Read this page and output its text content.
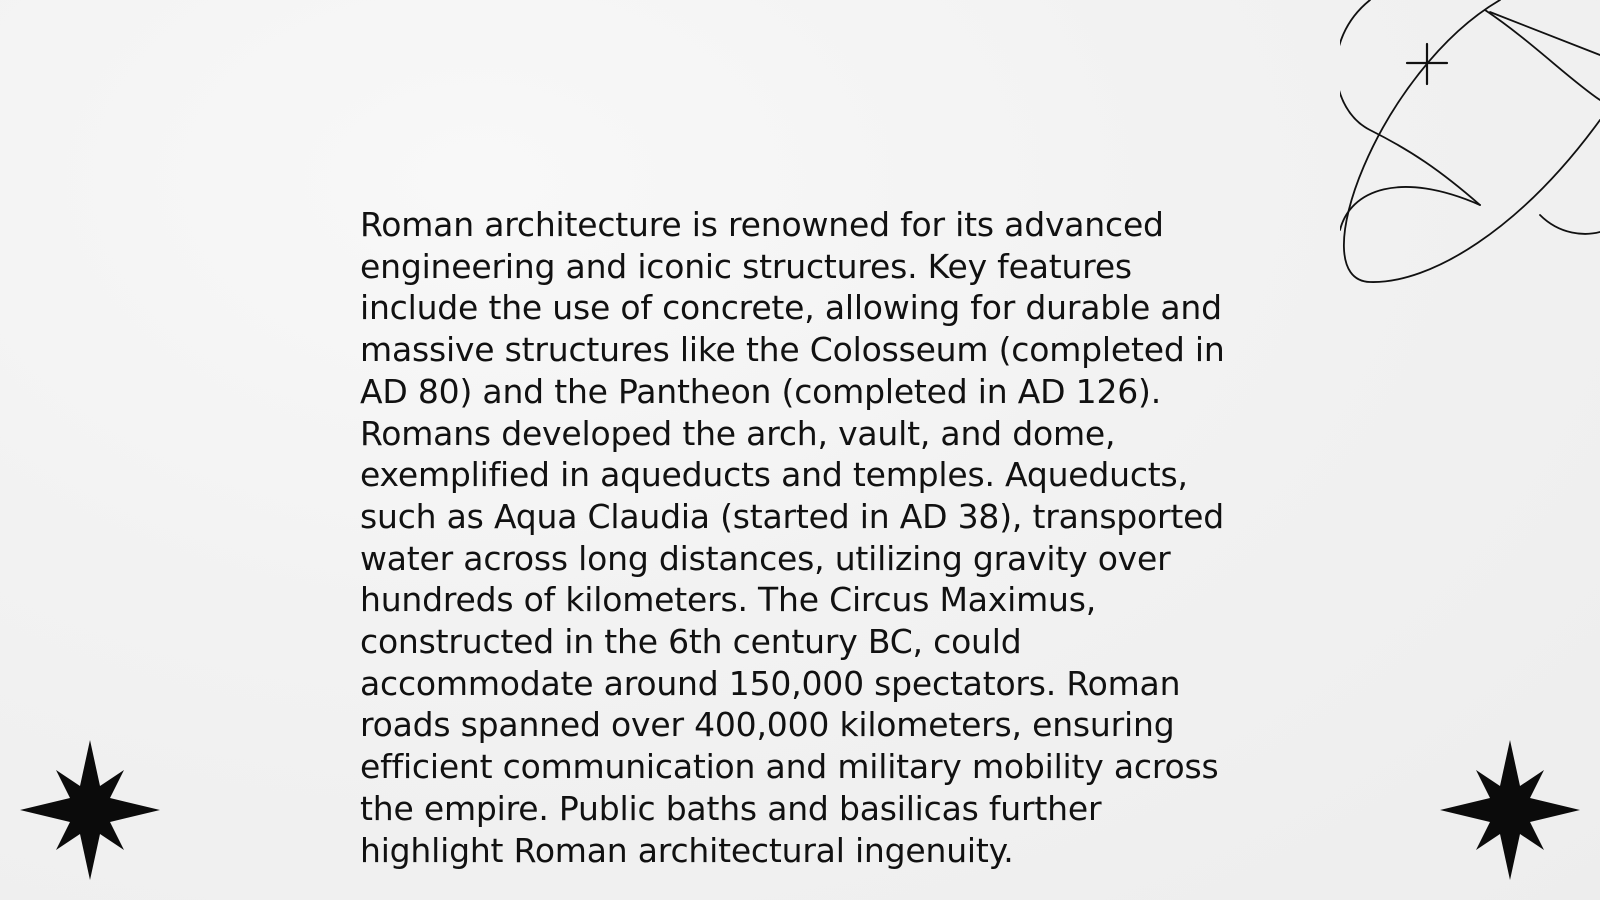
Roman architecture is renowned for its advanced
engineering and iconic structures. Key features
include the use of concrete, allowing for durable and
massive structures like the Colosseum (completed in
AD 80) and the Pantheon (completed in AD 126).
Romans developed the arch, vault, and dome,
exemplified in aqueducts and temples. Aqueducts,
such as Aqua Claudia (started in AD 38), transported
water across long distances, utilizing gravity over
hundreds of kilometers. The Circus Maximus,
constructed in the 6th century BC, could
accommodate around 150,000 spectators. Roman
roads spanned over 400,000 kilometers, ensuring
efficient communication and military mobility across
the empire. Public baths and basilicas further
highlight Roman architectural ingenuity.
